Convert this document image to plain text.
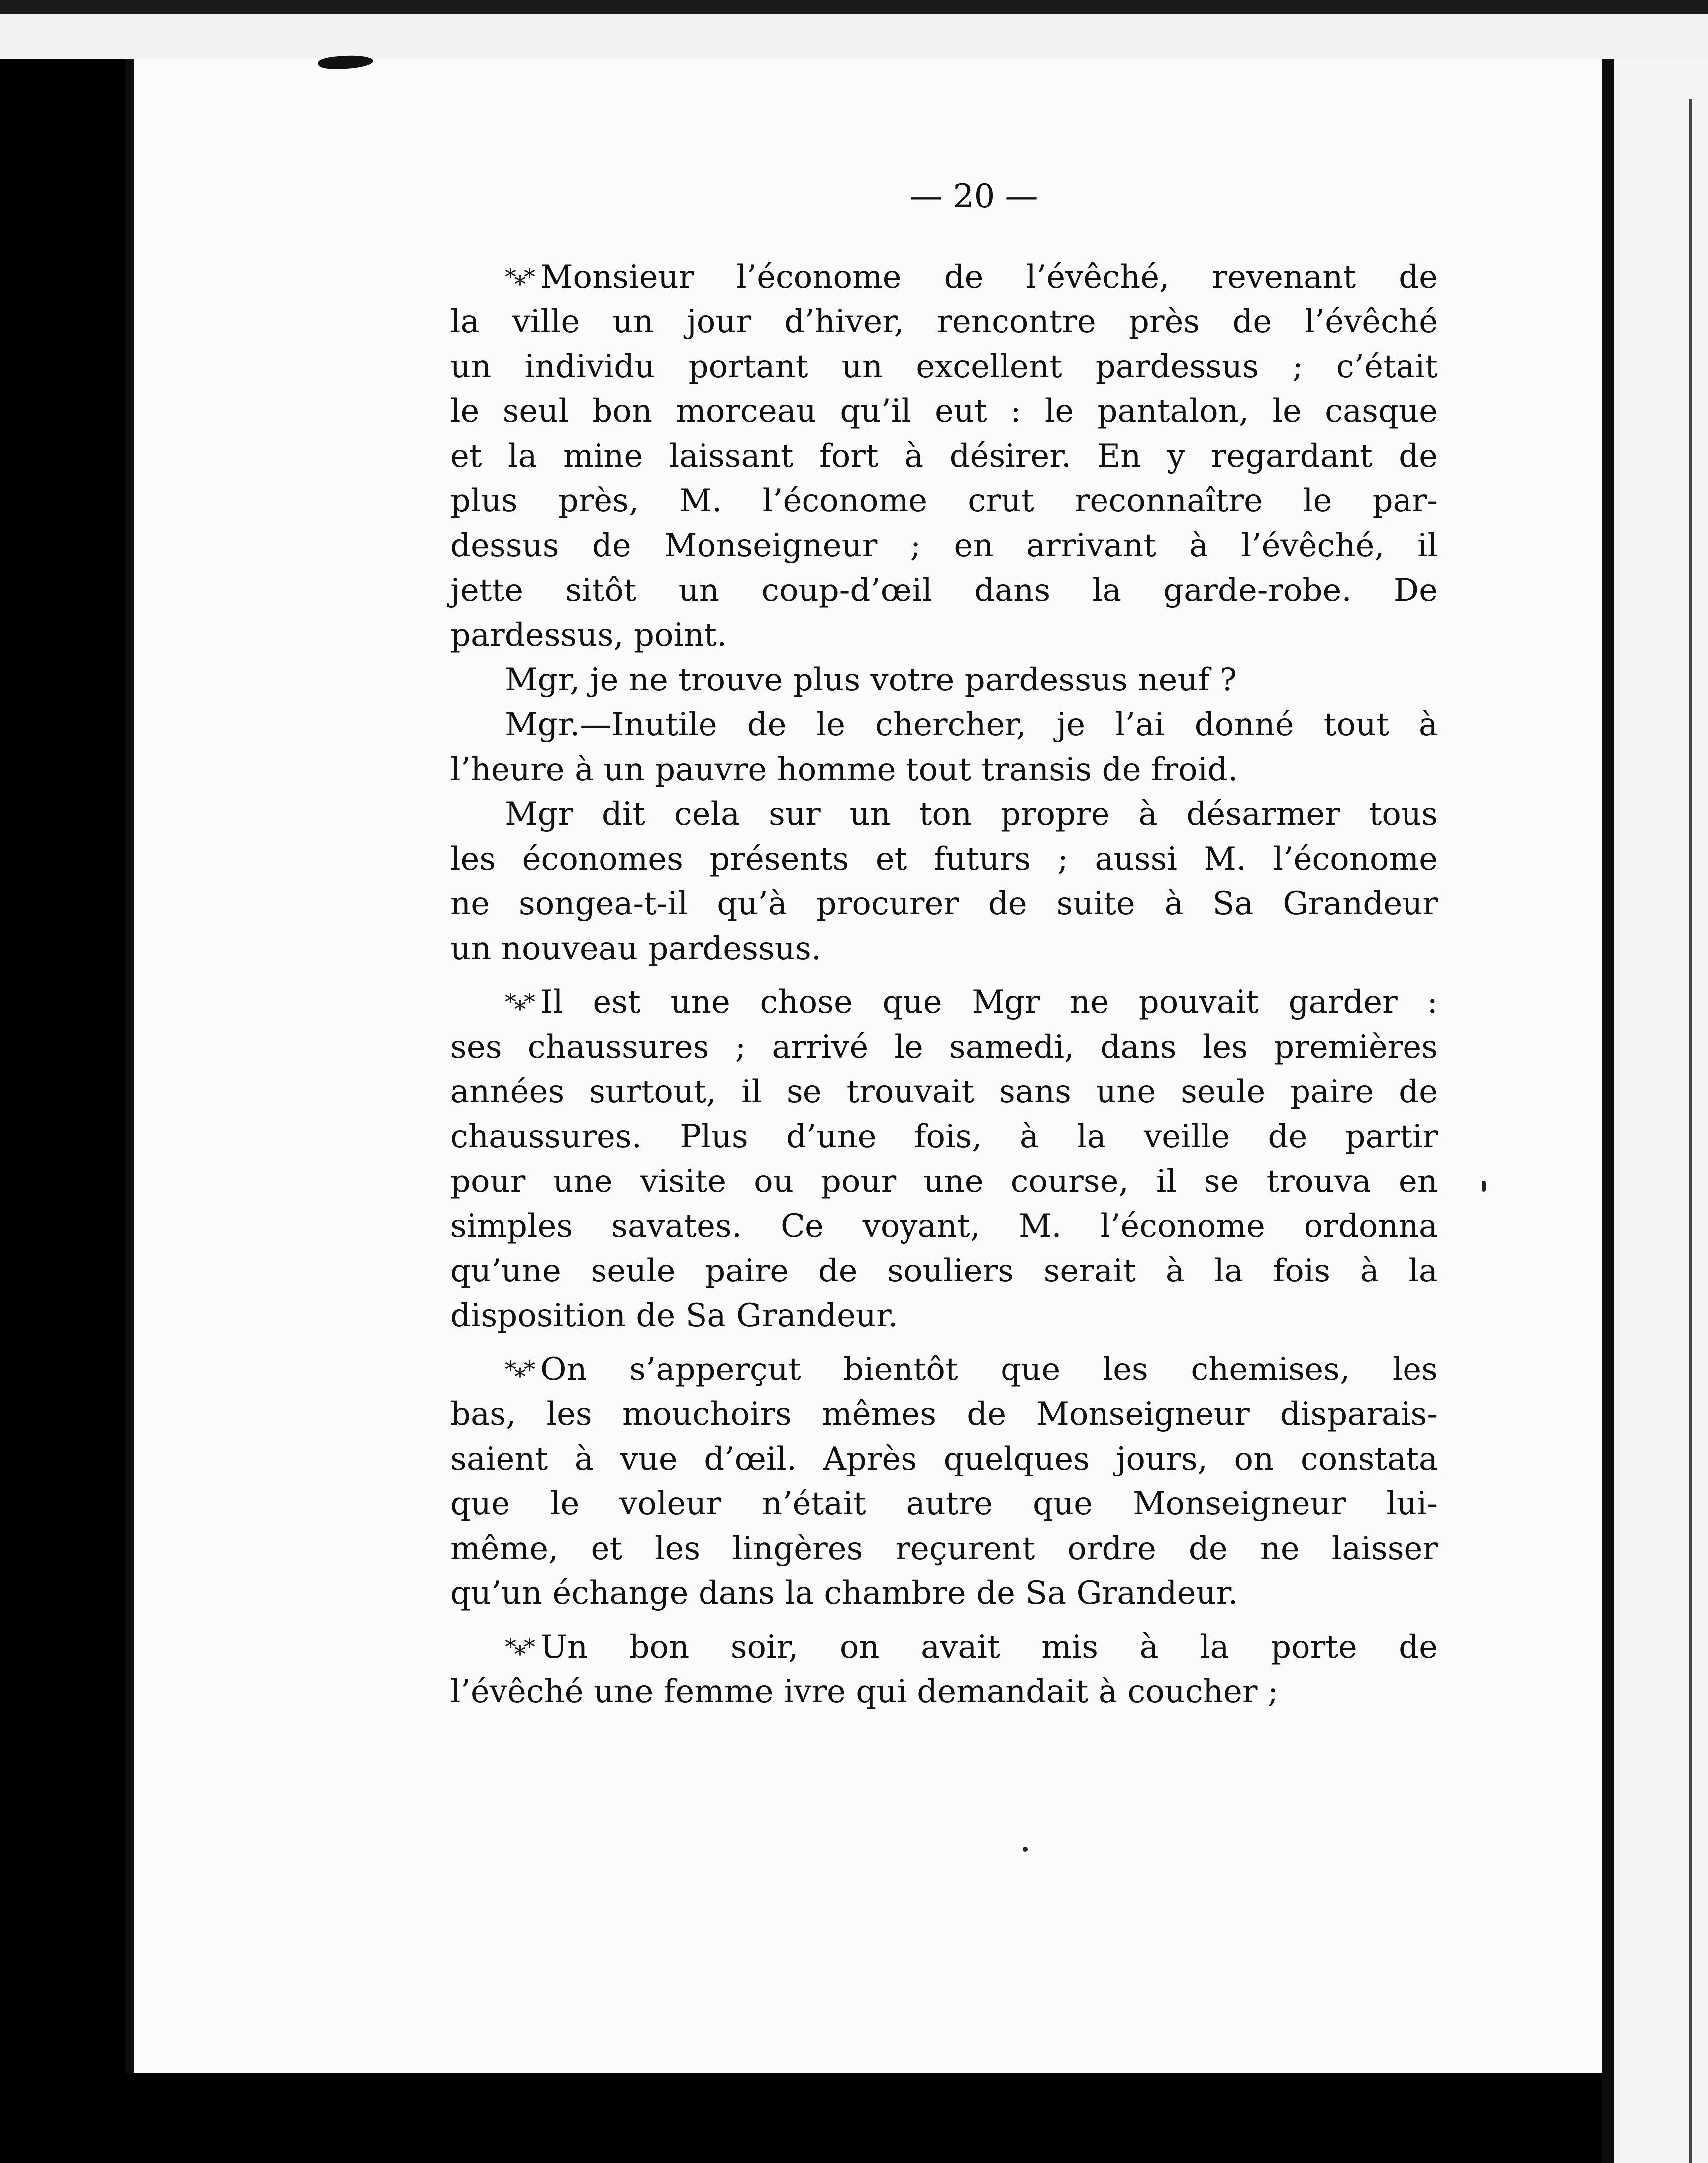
— 20 —
*⁎* Monsieur l’économe de l’évêché, revenant de
la ville un jour d’hiver, rencontre près de l’évêché
un individu portant un excellent pardessus ; c’était
le seul bon morceau qu’il eut : le pantalon, le casque
et la mine laissant fort à désirer. En y regardant de
plus près, M. l’économe crut reconnaître le par-
dessus de Monseigneur ; en arrivant à l’évêché, il
jette sitôt un coup-d’œil dans la garde-robe. De
pardessus, point.
Mgr, je ne trouve plus votre pardessus neuf ?
Mgr.—Inutile de le chercher, je l’ai donné tout à
l’heure à un pauvre homme tout transis de froid.
Mgr dit cela sur un ton propre à désarmer tous
les économes présents et futurs ; aussi M. l’économe
ne songea-t-il qu’à procurer de suite à Sa Grandeur
un nouveau pardessus.
*⁎* Il est une chose que Mgr ne pouvait garder :
ses chaussures ; arrivé le samedi, dans les premières
années surtout, il se trouvait sans une seule paire de
chaussures. Plus d’une fois, à la veille de partir
pour une visite ou pour une course, il se trouva en
simples savates. Ce voyant, M. l’économe ordonna
qu’une seule paire de souliers serait à la fois à la
disposition de Sa Grandeur.
*⁎* On s’apperçut bientôt que les chemises, les
bas, les mouchoirs mêmes de Monseigneur disparais-
saient à vue d’œil. Après quelques jours, on constata
que le voleur n’était autre que Monseigneur lui-
même, et les lingères reçurent ordre de ne laisser
qu’un échange dans la chambre de Sa Grandeur.
*⁎* Un bon soir, on avait mis à la porte de
l’évêché une femme ivre qui demandait à coucher ;
